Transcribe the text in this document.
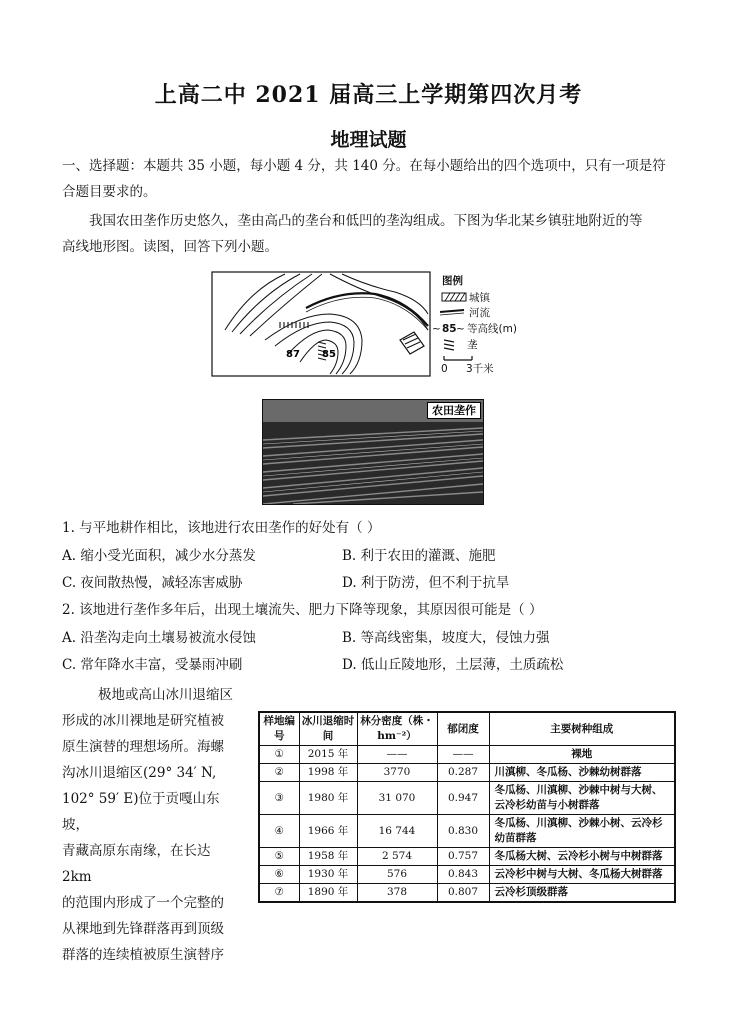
上高二中 2021 届高三上学期第四次月考
地理试题
一、选择题：本题共 35 小题，每小题 4 分，共 140 分。在每小题给出的四个选项中，只有一项是符
合题目要求的。
我国农田垄作历史悠久，垄由高凸的垄台和低凹的垄沟组成。下图为华北某乡镇驻地附近的等
高线地形图。读图，回答下列小题。
87 85
图例
城镇
河流
~ 85 ~ 等高线(m)
垄
0 3千米
农田垄作
1. 与平地耕作相比，该地进行农田垄作的好处有（ ）
A. 缩小受光面积，减少水分蒸发	B. 利于农田的灌溉、施肥
C. 夜间散热慢，减轻冻害威胁	D. 利于防涝，但不利于抗旱
2. 该地进行垄作多年后，出现土壤流失、肥力下降等现象，其原因很可能是（ ）
A. 沿垄沟走向土壤易被流水侵蚀	B. 等高线密集，坡度大，侵蚀力强
C. 常年降水丰富，受暴雨冲刷	D. 低山丘陵地形，土层薄，土质疏松
极地或高山冰川退缩区
形成的冰川裸地是研究植被
原生演替的理想场所。海螺
沟冰川退缩区(29° 34′ N,
102° 59′ E)位于贡嘎山东坡，
青藏高原东南缘，在长达 2km
的范围内形成了一个完整的
从裸地到先锋群落再到顶级
群落的连续植被原生演替序
样地编号	冰川退缩时间	林分密度（株・hm⁻²）	郁闭度	主要树种组成
①	2015 年	——	——	裸地
②	1998 年	3770	0.287	川滇柳、冬瓜杨、沙棘幼树群落
③	1980 年	31 070	0.947	冬瓜杨、川滇柳、沙棘中树与大树、云冷杉幼苗与小树群落
④	1966 年	16 744	0.830	冬瓜杨、川滇柳、沙棘小树、云冷杉幼苗群落
⑤	1958 年	2 574	0.757	冬瓜杨大树、云冷杉小树与中树群落
⑥	1930 年	576	0.843	云冷杉中树与大树、冬瓜杨大树群落
⑦	1890 年	378	0.807	云冷杉顶级群落
